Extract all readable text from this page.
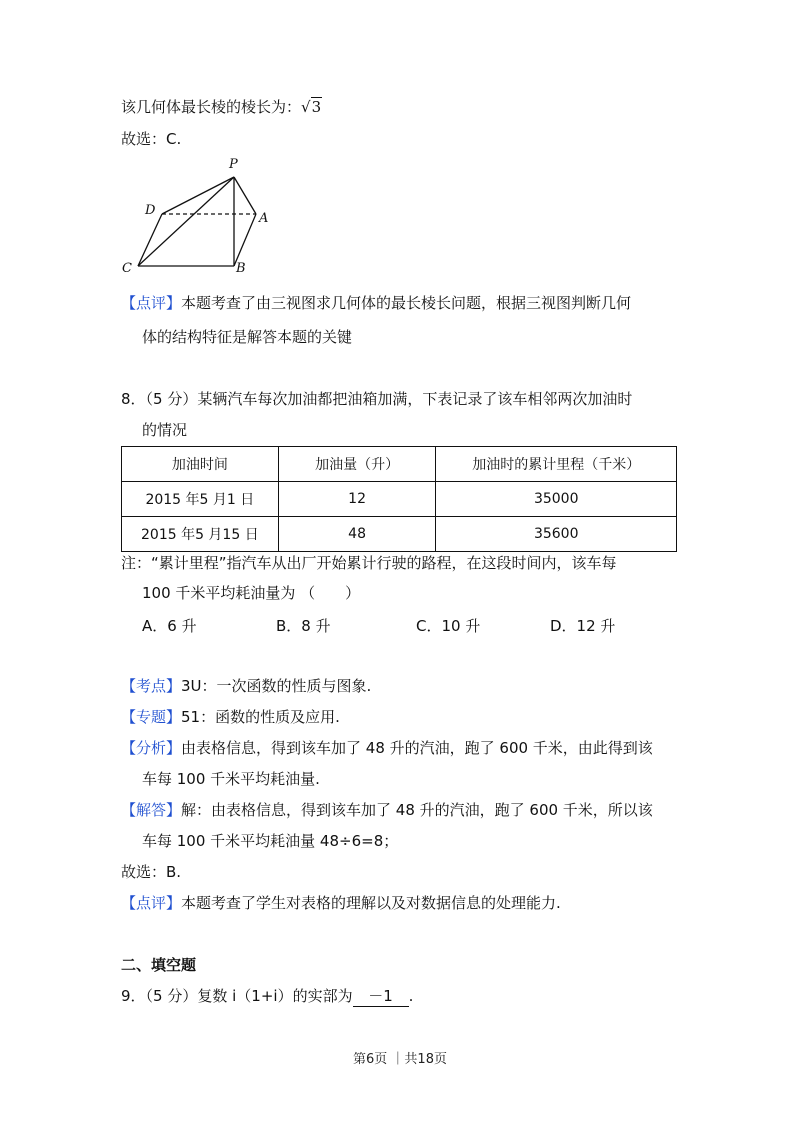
该几何体最长棱的棱长为：√3
故选：C.
P
D
A
C	B
【点评】本题考查了由三视图求几何体的最长棱长问题，根据三视图判断几何
体的结构特征是解答本题的关键
8．（5 分）某辆汽车每次加油都把油箱加满，下表记录了该车相邻两次加油时
的情况
加油时间	加油量（升）	加油时的累计里程（千米）
2015 年5 月1 日	12	35000
2015 年5 月15 日	48	35600
注：“累计里程”指汽车从出厂开始累计行驶的路程，在这段时间内，该车每
100 千米平均耗油量为 （　　）
A．6 升	B．8 升	C．10 升	D．12 升
【考点】3U：一次函数的性质与图象.
【专题】51：函数的性质及应用.
【分析】由表格信息，得到该车加了 48 升的汽油，跑了 600 千米，由此得到该
车每 100 千米平均耗油量.
【解答】解：由表格信息，得到该车加了 48 升的汽油，跑了 600 千米，所以该
车每 100 千米平均耗油量 48÷6=8；
故选：B.
【点评】本题考查了学生对表格的理解以及对数据信息的处理能力.
二、填空题
9．（5 分）复数 i（1+i）的实部为 －1 .
第6页 ｜共18页
